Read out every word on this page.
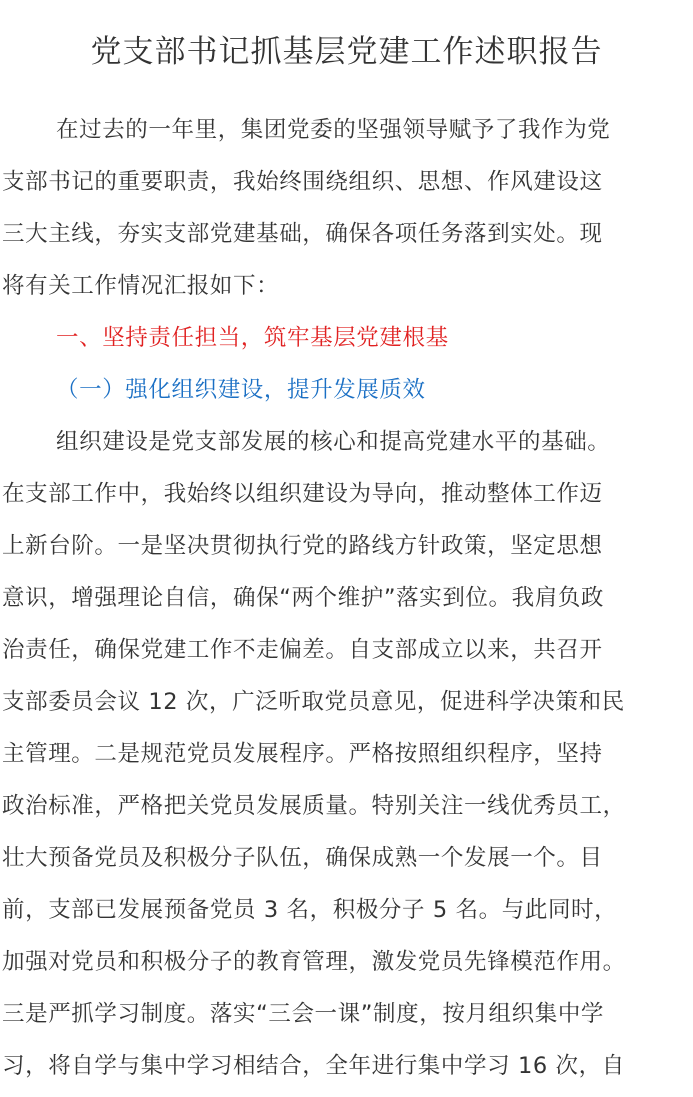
党支部书记抓基层党建工作述职报告
在过去的一年里，集团党委的坚强领导赋予了我作为党
支部书记的重要职责，我始终围绕组织、思想、作风建设这
三大主线，夯实支部党建基础，确保各项任务落到实处。现
将有关工作情况汇报如下：
一、坚持责任担当，筑牢基层党建根基
（一）强化组织建设，提升发展质效
组织建设是党支部发展的核心和提高党建水平的基础。
在支部工作中，我始终以组织建设为导向，推动整体工作迈
上新台阶。一是坚决贯彻执行党的路线方针政策，坚定思想
意识，增强理论自信，确保“两个维护”落实到位。我肩负政
治责任，确保党建工作不走偏差。自支部成立以来，共召开
支部委员会议 12 次，广泛听取党员意见，促进科学决策和民
主管理。二是规范党员发展程序。严格按照组织程序，坚持
政治标准，严格把关党员发展质量。特别关注一线优秀员工，
壮大预备党员及积极分子队伍，确保成熟一个发展一个。目
前，支部已发展预备党员 3 名，积极分子 5 名。与此同时，
加强对党员和积极分子的教育管理，激发党员先锋模范作用。
三是严抓学习制度。落实“三会一课”制度，按月组织集中学
习，将自学与集中学习相结合，全年进行集中学习 16 次，自
